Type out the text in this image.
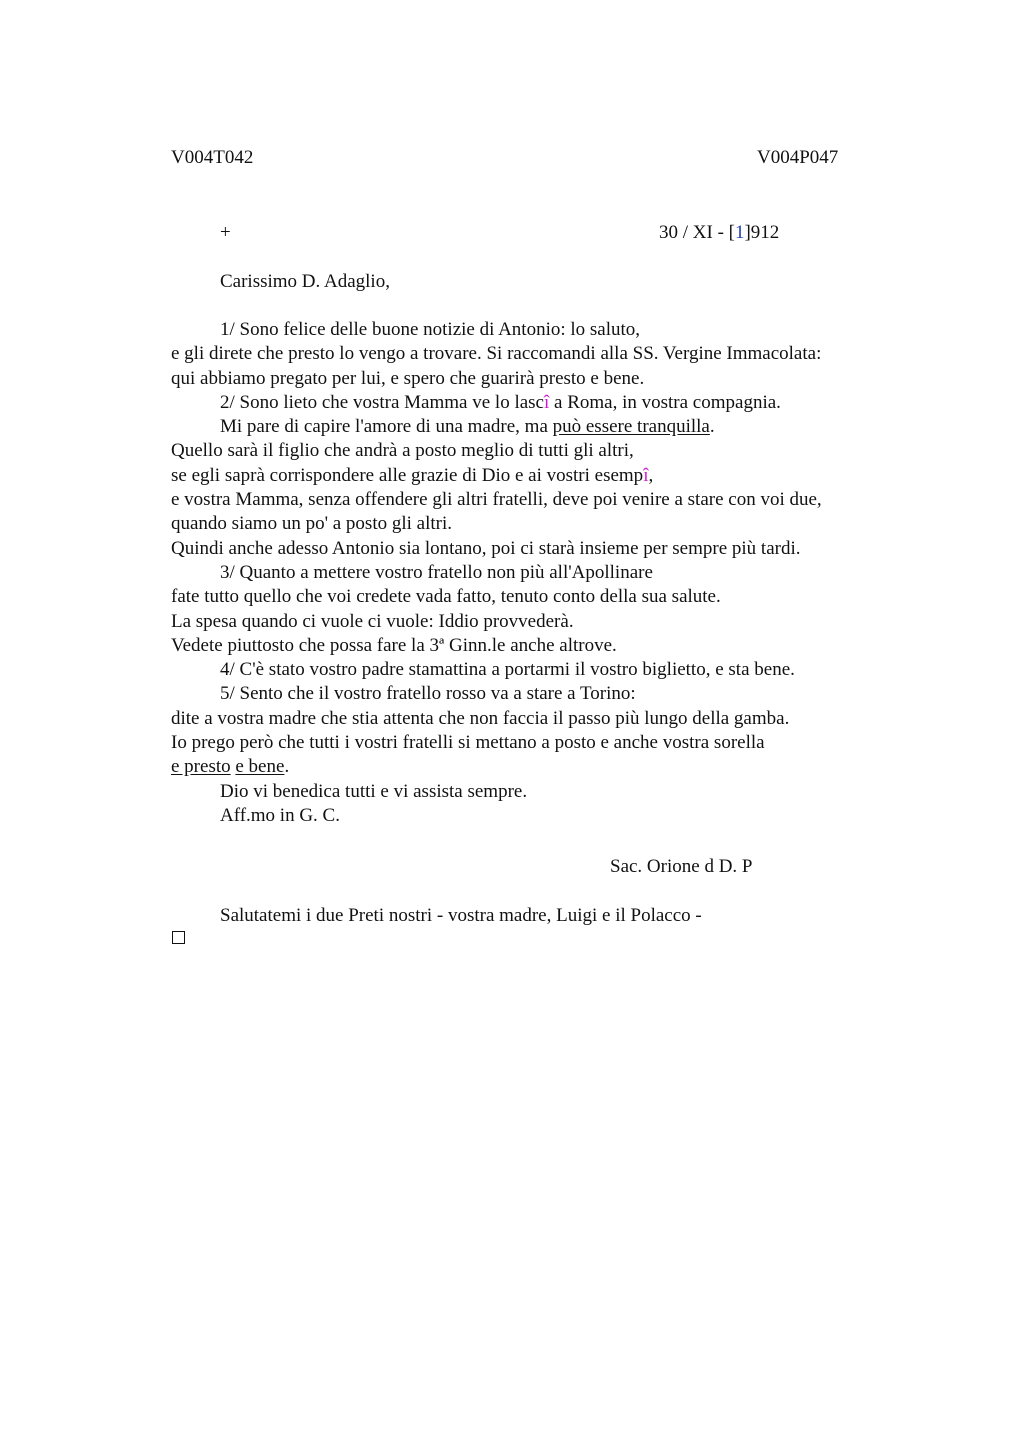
V004T042	V004P047
+	30 / XI - [1]912
Carissimo D. Adaglio,
1/ Sono felice delle buone notizie di Antonio: lo saluto,
e gli direte che presto lo vengo a trovare. Si raccomandi alla SS. Vergine Immacolata:
qui abbiamo pregato per lui, e spero che guarirà presto e bene.
2/ Sono lieto che vostra Mamma ve lo lascî a Roma, in vostra compagnia.
Mi pare di capire l'amore di una madre, ma può essere tranquilla.
Quello sarà il figlio che andrà a posto meglio di tutti gli altri,
se egli saprà corrispondere alle grazie di Dio e ai vostri esempî,
e vostra Mamma, senza offendere gli altri fratelli, deve poi venire a stare con voi due,
quando siamo un po' a posto gli altri.
Quindi anche adesso Antonio sia lontano, poi ci starà insieme per sempre più tardi.
3/ Quanto a mettere vostro fratello non più all'Apollinare
fate tutto quello che voi credete vada fatto, tenuto conto della sua salute.
La spesa quando ci vuole ci vuole: Iddio provvederà.
Vedete piuttosto che possa fare la 3ª Ginn.le anche altrove.
4/ C'è stato vostro padre stamattina a portarmi il vostro biglietto, e sta bene.
5/ Sento che il vostro fratello rosso va a stare a Torino:
dite a vostra madre che stia attenta che non faccia il passo più lungo della gamba.
Io prego però che tutti i vostri fratelli si mettano a posto e anche vostra sorella
e presto e bene.
Dio vi benedica tutti e vi assista sempre.
Aff.mo in G. C.
Sac. Orione d D. P
Salutatemi i due Preti nostri - vostra madre, Luigi e il Polacco -
